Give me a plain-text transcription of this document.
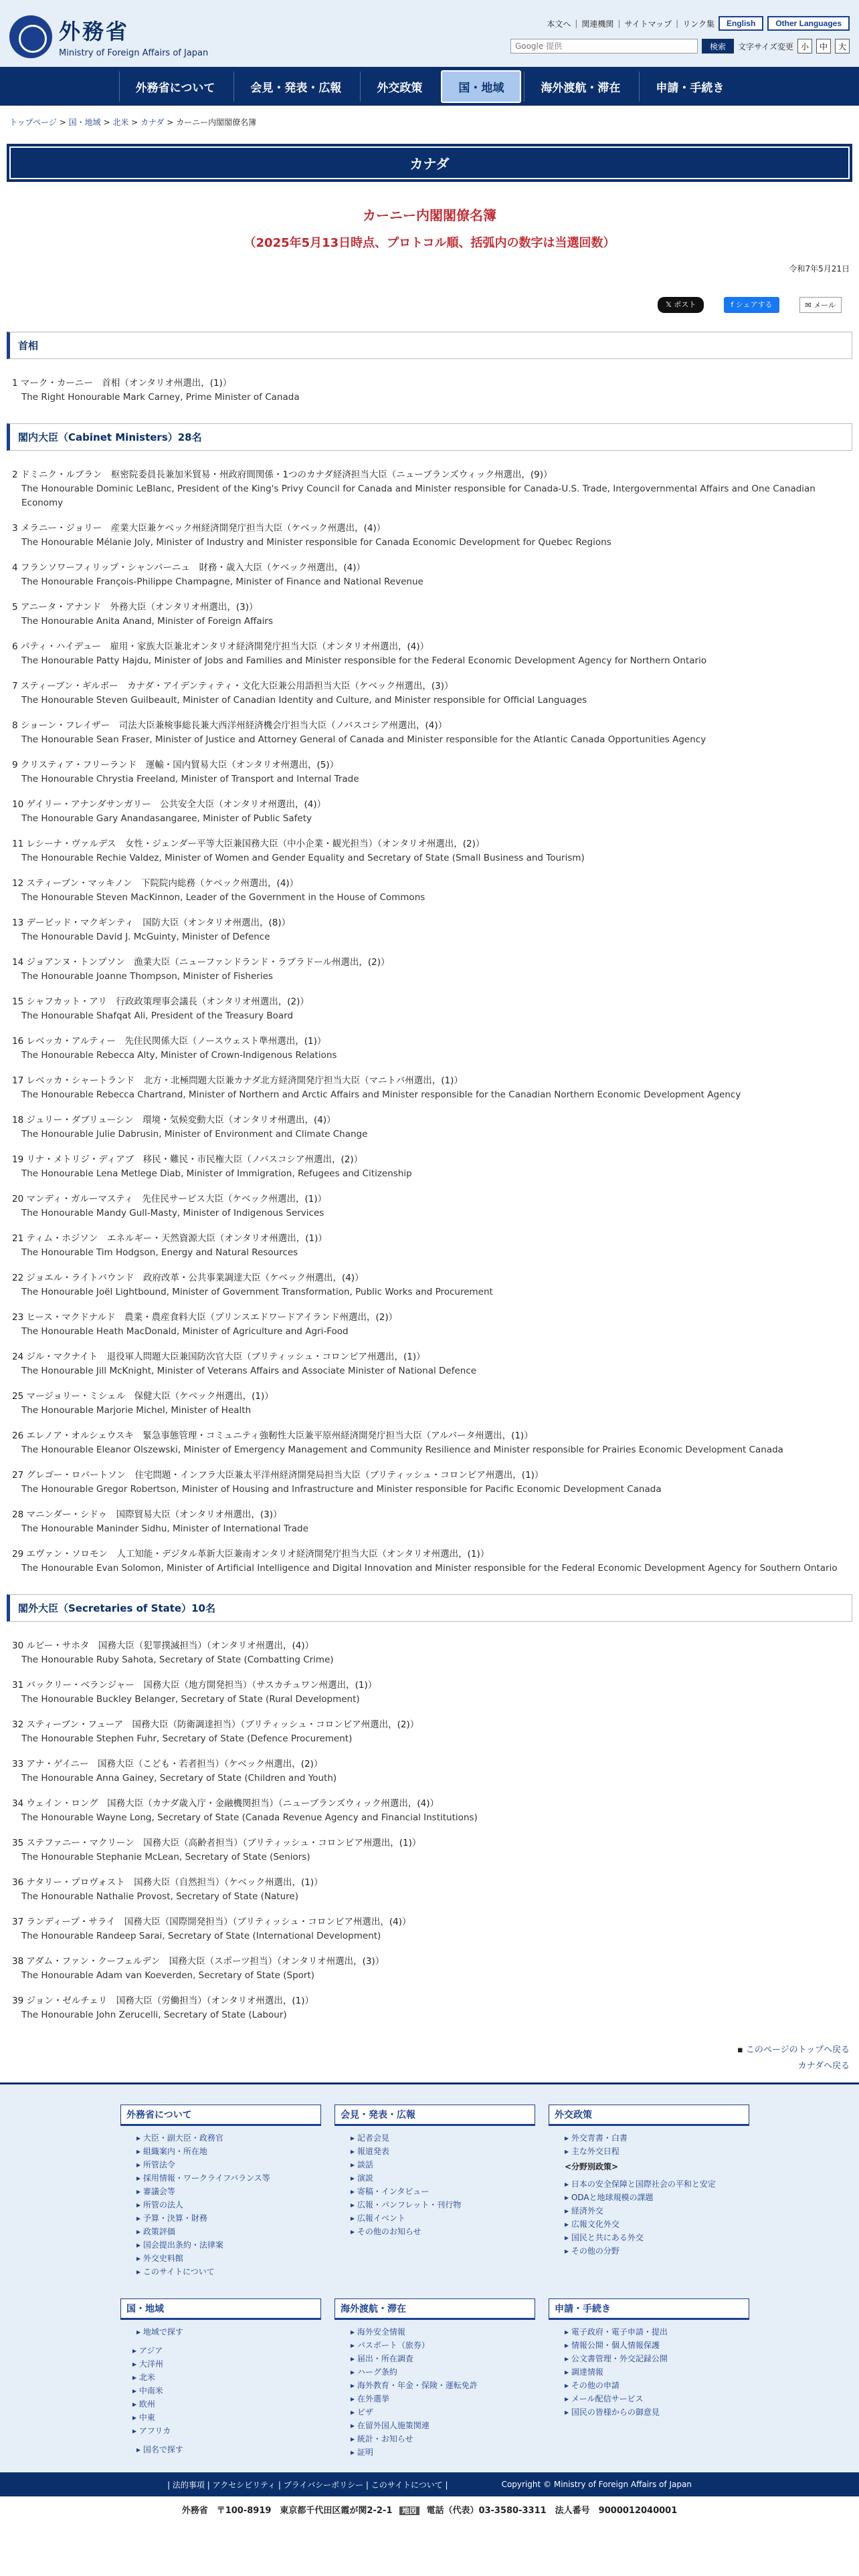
外務省
Ministry of Foreign Affairs of Japan
本文へ | 関連機関 | サイトマップ | リンク集	English	Other Languages
Google 提供
検索	文字サイズ変更 小	中	大
外務省について	会見・発表・広報	外交政策	国・地域	海外渡航・滞在	申請・手続き
トップページ > 国・地域 > 北米 > カナダ > カーニー内閣閣僚名簿
カナダ
カーニー内閣閣僚名簿
（2025年5月13日時点、プロトコル順、括弧内の数字は当選回数）
令和7年5月21日
𝕏 ポスト	f シェアする	✉ メール
首相
1 マーク・カーニー　首相（オンタリオ州選出，(1)）
The Right Honourable Mark Carney, Prime Minister of Canada
閣内大臣（Cabinet Ministers）28名
2 ドミニク・ルブラン　枢密院委員長兼加米貿易・州政府間関係・1つのカナダ経済担当大臣（ニューブランズウィック州選出，(9)）
The Honourable Dominic LeBlanc, President of the King's Privy Council for Canada and Minister responsible for Canada-U.S. Trade, Intergovernmental Affairs and One Canadian Economy
3 メラニー・ジョリー　産業大臣兼ケベック州経済開発庁担当大臣（ケベック州選出，(4)）
The Honourable Mélanie Joly, Minister of Industry and Minister responsible for Canada Economic Development for Quebec Regions
4 フランソワーフィリップ・シャンパーニュ　財務・歳入大臣（ケベック州選出，(4)）
The Honourable François-Philippe Champagne, Minister of Finance and National Revenue
5 アニータ・アナンド　外務大臣（オンタリオ州選出，(3)）
The Honourable Anita Anand, Minister of Foreign Affairs
6 パティ・ハイデュー　雇用・家族大臣兼北オンタリオ経済開発庁担当大臣（オンタリオ州選出，(4)）
The Honourable Patty Hajdu, Minister of Jobs and Families and Minister responsible for the Federal Economic Development Agency for Northern Ontario
7 スティーブン・ギルボー　カナダ・アイデンティティ・文化大臣兼公用語担当大臣（ケベック州選出，(3)）
The Honourable Steven Guilbeault, Minister of Canadian Identity and Culture, and Minister responsible for Official Languages
8 ショーン・フレイザー　司法大臣兼検事総長兼大西洋州経済機会庁担当大臣（ノバスコシア州選出，(4)）
The Honourable Sean Fraser, Minister of Justice and Attorney General of Canada and Minister responsible for the Atlantic Canada Opportunities Agency
9 クリスティア・フリーランド　運輸・国内貿易大臣（オンタリオ州選出，(5)）
The Honourable Chrystia Freeland, Minister of Transport and Internal Trade
10 ゲイリー・アナンダサンガリー　公共安全大臣（オンタリオ州選出，(4)）
The Honourable Gary Anandasangaree, Minister of Public Safety
11 レシーナ・ヴァルデス　女性・ジェンダー平等大臣兼国務大臣（中小企業・観光担当）（オンタリオ州選出，(2)）
The Honourable Rechie Valdez, Minister of Women and Gender Equality and Secretary of State (Small Business and Tourism)
12 スティーブン・マッキノン　下院院内総務（ケベック州選出，(4)）
The Honourable Steven MacKinnon, Leader of the Government in the House of Commons
13 デービッド・マクギンティ　国防大臣（オンタリオ州選出，(8)）
The Honourable David J. McGuinty, Minister of Defence
14 ジョアンヌ・トンプソン　漁業大臣（ニューファンドランド・ラブラドール州選出，(2)）
The Honourable Joanne Thompson, Minister of Fisheries
15 シャフカット・アリ　行政政策理事会議長（オンタリオ州選出，(2)）
The Honourable Shafqat Ali, President of the Treasury Board
16 レベッカ・アルティー　先住民関係大臣（ノースウェスト準州選出，(1)）
The Honourable Rebecca Alty, Minister of Crown-Indigenous Relations
17 レベッカ・シャートランド　北方・北極問題大臣兼カナダ北方経済開発庁担当大臣（マニトバ州選出，(1)）
The Honourable Rebecca Chartrand, Minister of Northern and Arctic Affairs and Minister responsible for the Canadian Northern Economic Development Agency
18 ジュリー・ダブリューシン　環境・気候変動大臣（オンタリオ州選出，(4)）
The Honourable Julie Dabrusin, Minister of Environment and Climate Change
19 リナ・メトリジ・ディアブ　移民・難民・市民権大臣（ノバスコシア州選出，(2)）
The Honourable Lena Metlege Diab, Minister of Immigration, Refugees and Citizenship
20 マンディ・ガルーマスティ　先住民サービス大臣（ケベック州選出，(1)）
The Honourable Mandy Gull-Masty, Minister of Indigenous Services
21 ティム・ホジソン　エネルギー・天然資源大臣（オンタリオ州選出，(1)）
The Honourable Tim Hodgson, Energy and Natural Resources
22 ジョエル・ライトバウンド　政府改革・公共事業調達大臣（ケベック州選出，(4)）
The Honourable Joël Lightbound, Minister of Government Transformation, Public Works and Procurement
23 ヒース・マクドナルド　農業・農産食料大臣（プリンスエドワードアイランド州選出，(2)）
The Honourable Heath MacDonald, Minister of Agriculture and Agri-Food
24 ジル・マクナイト　退役軍人問題大臣兼国防次官大臣（ブリティッシュ・コロンビア州選出，(1)）
The Honourable Jill McKnight, Minister of Veterans Affairs and Associate Minister of National Defence
25 マージョリー・ミシェル　保健大臣（ケベック州選出，(1)）
The Honourable Marjorie Michel, Minister of Health
26 エレノア・オルシェウスキ　緊急事態管理・コミュニティ強靭性大臣兼平原州経済開発庁担当大臣（アルバータ州選出，(1)）
The Honourable Eleanor Olszewski, Minister of Emergency Management and Community Resilience and Minister responsible for Prairies Economic Development Canada
27 グレゴー・ロバートソン　住宅問題・インフラ大臣兼太平洋州経済開発局担当大臣（ブリティッシュ・コロンビア州選出，(1)）
The Honourable Gregor Robertson, Minister of Housing and Infrastructure and Minister responsible for Pacific Economic Development Canada
28 マニンダー・シドゥ　国際貿易大臣（オンタリオ州選出，(3)）
The Honourable Maninder Sidhu, Minister of International Trade
29 エヴァン・ソロモン　人工知能・デジタル革新大臣兼南オンタリオ経済開発庁担当大臣（オンタリオ州選出，(1)）
The Honourable Evan Solomon, Minister of Artificial Intelligence and Digital Innovation and Minister responsible for the Federal Economic Development Agency for Southern Ontario
閣外大臣（Secretaries of State）10名
30 ルビー・サホタ　国務大臣（犯罪撲滅担当）（オンタリオ州選出，(4)）
The Honourable Ruby Sahota, Secretary of State (Combatting Crime)
31 バックリー・ベランジャー　国務大臣（地方開発担当）（サスカチュワン州選出，(1)）
The Honourable Buckley Belanger, Secretary of State (Rural Development)
32 スティーブン・フューア　国務大臣（防衛調達担当）（ブリティッシュ・コロンビア州選出，(2)）
The Honourable Stephen Fuhr, Secretary of State (Defence Procurement)
33 アナ・ゲイニー　国務大臣（こども・若者担当）（ケベック州選出，(2)）
The Honourable Anna Gainey, Secretary of State (Children and Youth)
34 ウェイン・ロング　国務大臣（カナダ歳入庁・金融機関担当）（ニューブランズウィック州選出，(4)）
The Honourable Wayne Long, Secretary of State (Canada Revenue Agency and Financial Institutions)
35 ステファニー・マクリーン　国務大臣（高齢者担当）（ブリティッシュ・コロンビア州選出，(1)）
The Honourable Stephanie McLean, Secretary of State (Seniors)
36 ナタリー・プロヴォスト　国務大臣（自然担当）（ケベック州選出，(1)）
The Honourable Nathalie Provost, Secretary of State (Nature)
37 ランディープ・サライ　国務大臣（国際開発担当）（ブリティッシュ・コロンビア州選出，(4)）
The Honourable Randeep Sarai, Secretary of State (International Development)
38 アダム・ファン・クーフェルデン　国務大臣（スポーツ担当）（オンタリオ州選出，(3)）
The Honourable Adam van Koeverden, Secretary of State (Sport)
39 ジョン・ゼルチェリ　国務大臣（労働担当）（オンタリオ州選出，(1)）
The Honourable John Zerucelli, Secretary of State (Labour)
▪ このページのトップへ戻る
カナダへ戻る
外務省について
▸ 大臣・副大臣・政務官
▸ 組織案内・所在地
▸ 所管法令
▸ 採用情報・ワークライフバランス等
▸ 審議会等
▸ 所管の法人
▸ 予算・決算・財務
▸ 政策評価
▸ 国会提出条約・法律案
▸ 外交史料館
▸ このサイトについて
会見・発表・広報
▸ 記者会見
▸ 報道発表
▸ 談話
▸ 演説
▸ 寄稿・インタビュー
▸ 広報・パンフレット・刊行物
▸ 広報イベント
▸ その他のお知らせ
外交政策
▸ 外交青書・白書
▸ 主な外交日程
<分野別政策>
▸ 日本の安全保障と国際社会の平和と安定
▸ ODAと地球規模の課題
▸ 経済外交
▸ 広報文化外交
▸ 国民と共にある外交
▸ その他の分野
国・地域
▸ 地域で探す
▸ アジア
▸ 大洋州
▸ 北米
▸ 中南米
▸ 欧州
▸ 中東
▸ アフリカ
▸ 国名で探す
海外渡航・滞在
▸ 海外安全情報
▸ パスポート（旅券）
▸ 届出・所在調査
▸ ハーグ条約
▸ 海外教育・年金・保険・運転免許
▸ 在外選挙
▸ ビザ
▸ 在留外国人施策関連
▸ 統計・お知らせ
▸ 証明
申請・手続き
▸ 電子政府・電子申請・提出
▸ 情報公開・個人情報保護
▸ 公文書管理・外交記録公開
▸ 調達情報
▸ その他の申請
▸ メール配信サービス
▸ 国民の皆様からの御意見
| 法的事項 | アクセシビリティ | プライバシーポリシー | このサイトについて |	Copyright © Ministry of Foreign Affairs of Japan
外務省　〒100-8919　東京都千代田区霞が関2-2-1 地図 電話（代表）03-3580-3311　法人番号　9000012040001
